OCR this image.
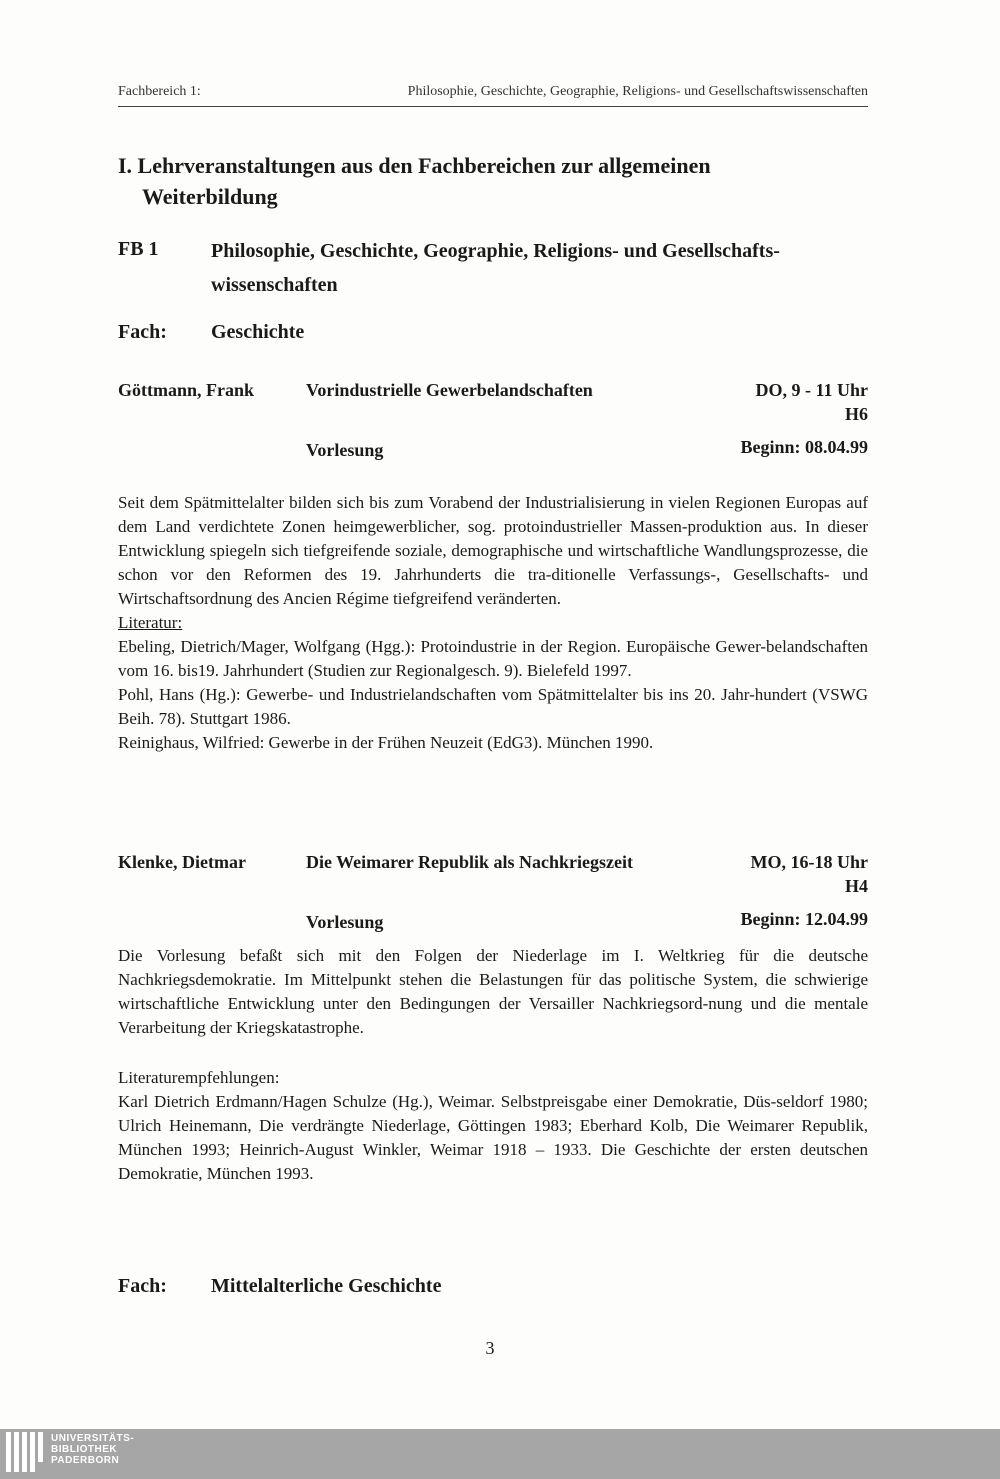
Fachbereich 1:	Philosophie, Geschichte, Geographie, Religions- und Gesellschaftswissenschaften
I. Lehrveranstaltungen aus den Fachbereichen zur allgemeinen
Weiterbildung
FB 1	Philosophie, Geschichte, Geographie, Religions- und Gesellschafts-wissenschaften
Fach: Geschichte
Göttmann, Frank	Vorindustrielle Gewerbelandschaften	DO, 9 - 11 Uhr
H6
Vorlesung	Beginn: 08.04.99

Seit dem Spätmittelalter bilden sich bis zum Vorabend der Industrialisierung in vielen Regionen Europas auf dem Land verdichtete Zonen heimgewerblicher, sog. protoindustrieller Massen-produktion aus. In dieser Entwicklung spiegeln sich tiefgreifende soziale, demographische und wirtschaftliche Wandlungsprozesse, die schon vor den Reformen des 19. Jahrhunderts die tra-ditionelle Verfassungs-, Gesellschafts- und Wirtschaftsordnung des Ancien Régime tiefgreifend veränderten.

Literatur:

Ebeling, Dietrich/Mager, Wolfgang (Hgg.): Protoindustrie in der Region. Europäische Gewer-belandschaften vom 16. bis19. Jahrhundert (Studien zur Regionalgesch. 9). Bielefeld 1997.

Pohl, Hans (Hg.): Gewerbe- und Industrielandschaften vom Spätmittelalter bis ins 20. Jahr-hundert (VSWG Beih. 78). Stuttgart 1986.

Reinighaus, Wilfried: Gewerbe in der Frühen Neuzeit (EdG3). München 1990.

Klenke, Dietmar	Die Weimarer Republik als Nachkriegszeit	MO, 16-18 Uhr
H4
Vorlesung	Beginn: 12.04.99

Die Vorlesung befaßt sich mit den Folgen der Niederlage im I. Weltkrieg für die deutsche Nachkriegsdemokratie. Im Mittelpunkt stehen die Belastungen für das politische System, die schwierige wirtschaftliche Entwicklung unter den Bedingungen der Versailler Nachkriegsord-nung und die mentale Verarbeitung der Kriegskatastrophe.

Literaturempfehlungen:

Karl Dietrich Erdmann/Hagen Schulze (Hg.), Weimar. Selbstpreisgabe einer Demokratie, Düs-seldorf 1980; Ulrich Heinemann, Die verdrängte Niederlage, Göttingen 1983; Eberhard Kolb, Die Weimarer Republik, München 1993; Heinrich-August Winkler, Weimar 1918 – 1933. Die Geschichte der ersten deutschen Demokratie, München 1993.

Fach: Mittelalterliche Geschichte
3
UNIVERSITÄTS-
BIBLIOTHEK
PADERBORN
